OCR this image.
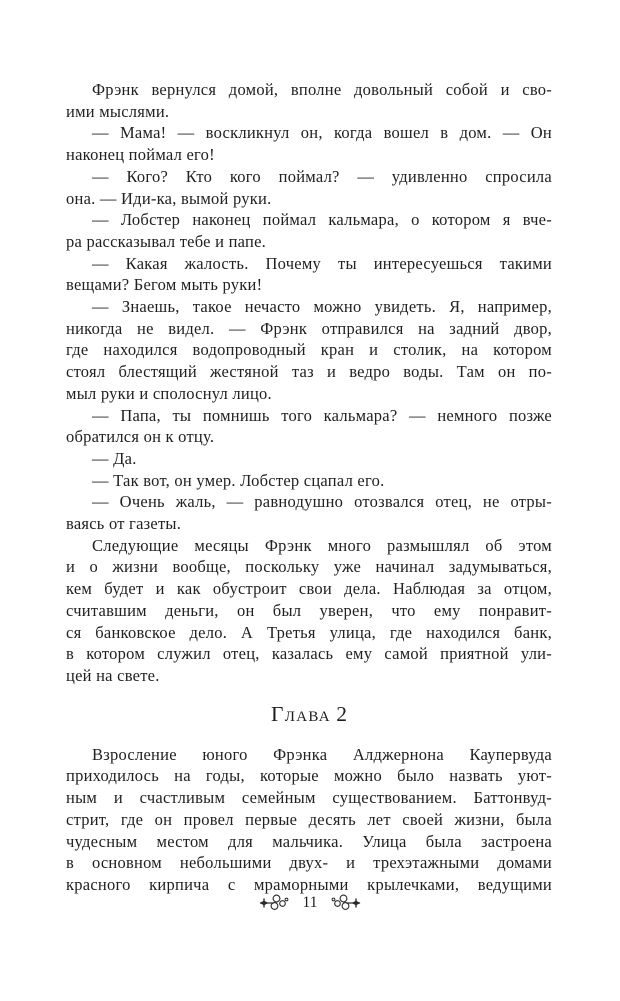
Фрэнк вернулся домой, вполне довольный собой и сво-
ими мыслями.
— Мама! — воскликнул он, когда вошел в дом. — Он
наконец поймал его!
— Кого? Кто кого поймал? — удивленно спросила
она. — Иди-ка, вымой руки.
— Лобстер наконец поймал кальмара, о котором я вче-
ра рассказывал тебе и папе.
— Какая жалость. Почему ты интересуешься такими
вещами? Бегом мыть руки!
— Знаешь, такое нечасто можно увидеть. Я, например,
никогда не видел. — Фрэнк отправился на задний двор,
где находился водопроводный кран и столик, на котором
стоял блестящий жестяной таз и ведро воды. Там он по-
мыл руки и сполоснул лицо.
— Папа, ты помнишь того кальмара? — немного позже
обратился он к отцу.
— Да.
— Так вот, он умер. Лобстер сцапал его.
— Очень жаль, — равнодушно отозвался отец, не отры-
ваясь от газеты.
Следующие месяцы Фрэнк много размышлял об этом
и о жизни вообще, поскольку уже начинал задумываться,
кем будет и как обустроит свои дела. Наблюдая за отцом,
считавшим деньги, он был уверен, что ему понравит-
ся банковское дело. А Третья улица, где находился банк,
в котором служил отец, казалась ему самой приятной ули-
цей на свете.
Глава 2
Взросление юного Фрэнка Алджернона Каупервуда
приходилось на годы, которые можно было назвать уют-
ным и счастливым семейным существованием. Баттонвуд-
стрит, где он провел первые десять лет своей жизни, была
чудесным местом для мальчика. Улица была застроена
в основном небольшими двух- и трехэтажными домами
красного кирпича с мраморными крылечками, ведущими
11
